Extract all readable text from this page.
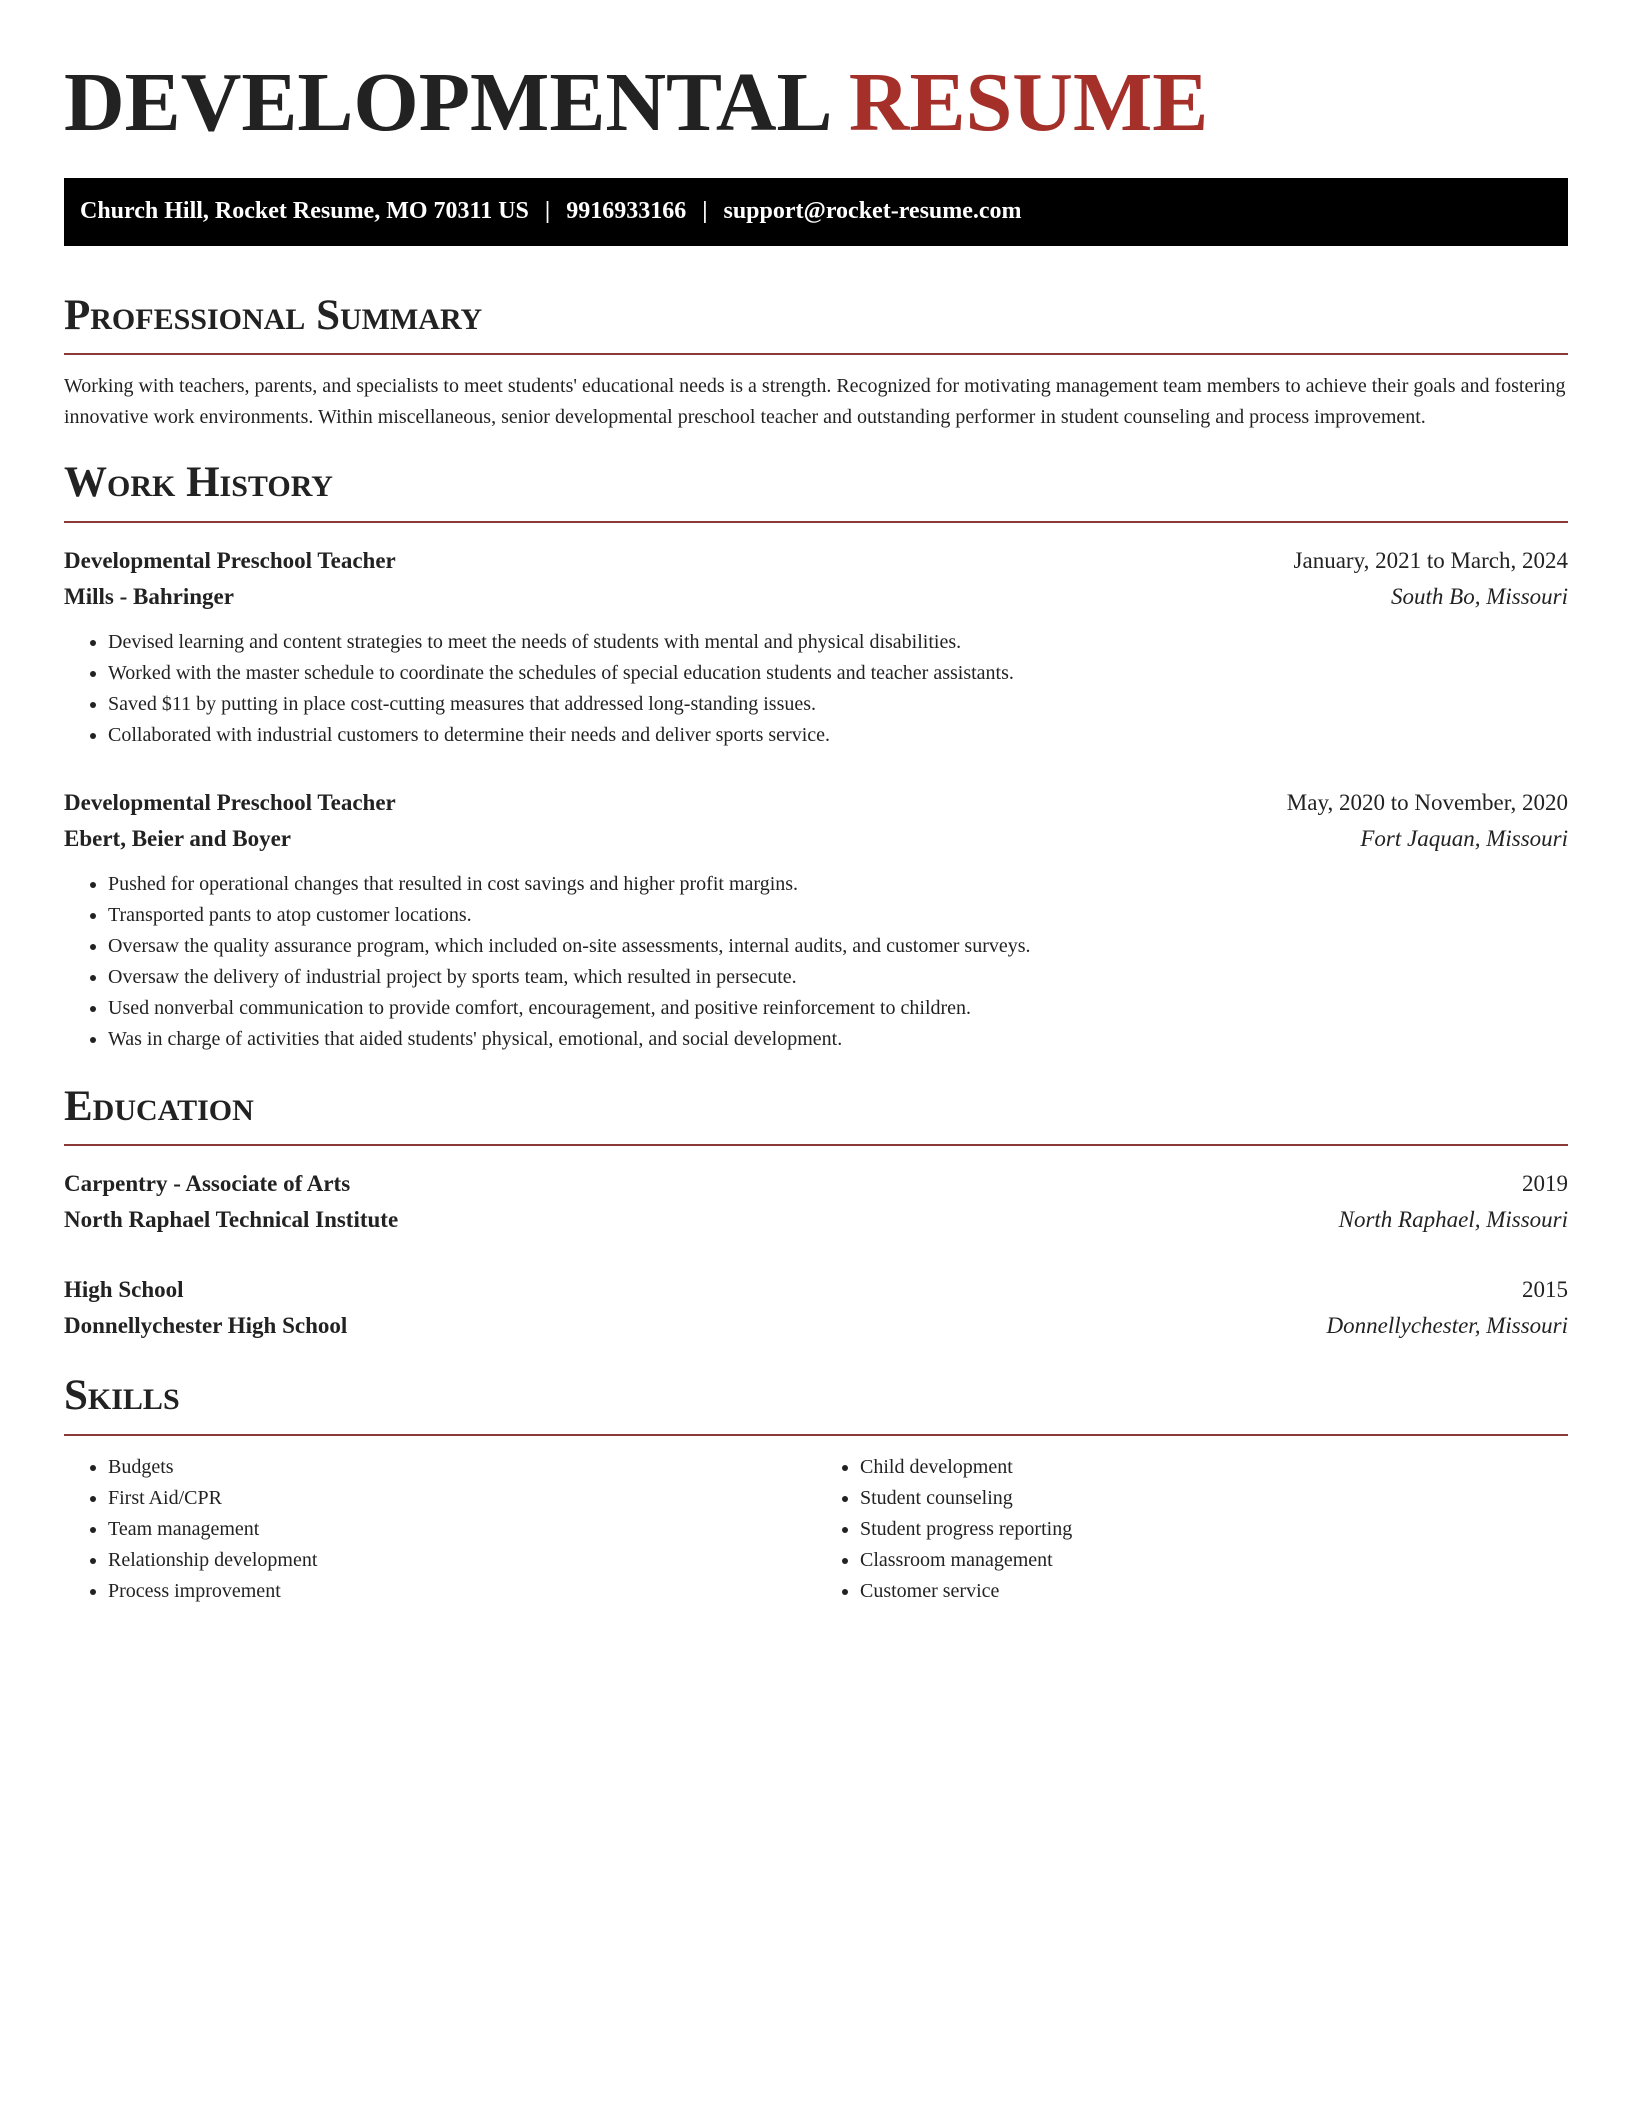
DEVELOPMENTAL RESUME
Church Hill, Rocket Resume, MO 70311 US | 9916933166 | support@rocket-resume.com
Professional Summary

Working with teachers, parents, and specialists to meet students' educational needs is a strength. Recognized for motivating management team members to achieve their goals and fostering innovative work environments. Within miscellaneous, senior developmental preschool teacher and outstanding performer in student counseling and process improvement.

Work History
Developmental Preschool Teacher	January, 2021 to March, 2024
Mills - Bahringer	South Bo, Missouri
• Devised learning and content strategies to meet the needs of students with mental and physical disabilities.
• Worked with the master schedule to coordinate the schedules of special education students and teacher assistants.
• Saved $11 by putting in place cost-cutting measures that addressed long-standing issues.
• Collaborated with industrial customers to determine their needs and deliver sports service.
Developmental Preschool Teacher	May, 2020 to November, 2020
Ebert, Beier and Boyer	Fort Jaquan, Missouri
• Pushed for operational changes that resulted in cost savings and higher profit margins.
• Transported pants to atop customer locations.
• Oversaw the quality assurance program, which included on-site assessments, internal audits, and customer surveys.
• Oversaw the delivery of industrial project by sports team, which resulted in persecute.
• Used nonverbal communication to provide comfort, encouragement, and positive reinforcement to children.
• Was in charge of activities that aided students' physical, emotional, and social development.
Education
Carpentry - Associate of Arts	2019
North Raphael Technical Institute	North Raphael, Missouri
High School	2015
Donnellychester High School	Donnellychester, Missouri
Skills
• Budgets
• First Aid/CPR
• Team management
• Relationship development
• Process improvement
• Child development
• Student counseling
• Student progress reporting
• Classroom management
• Customer service
